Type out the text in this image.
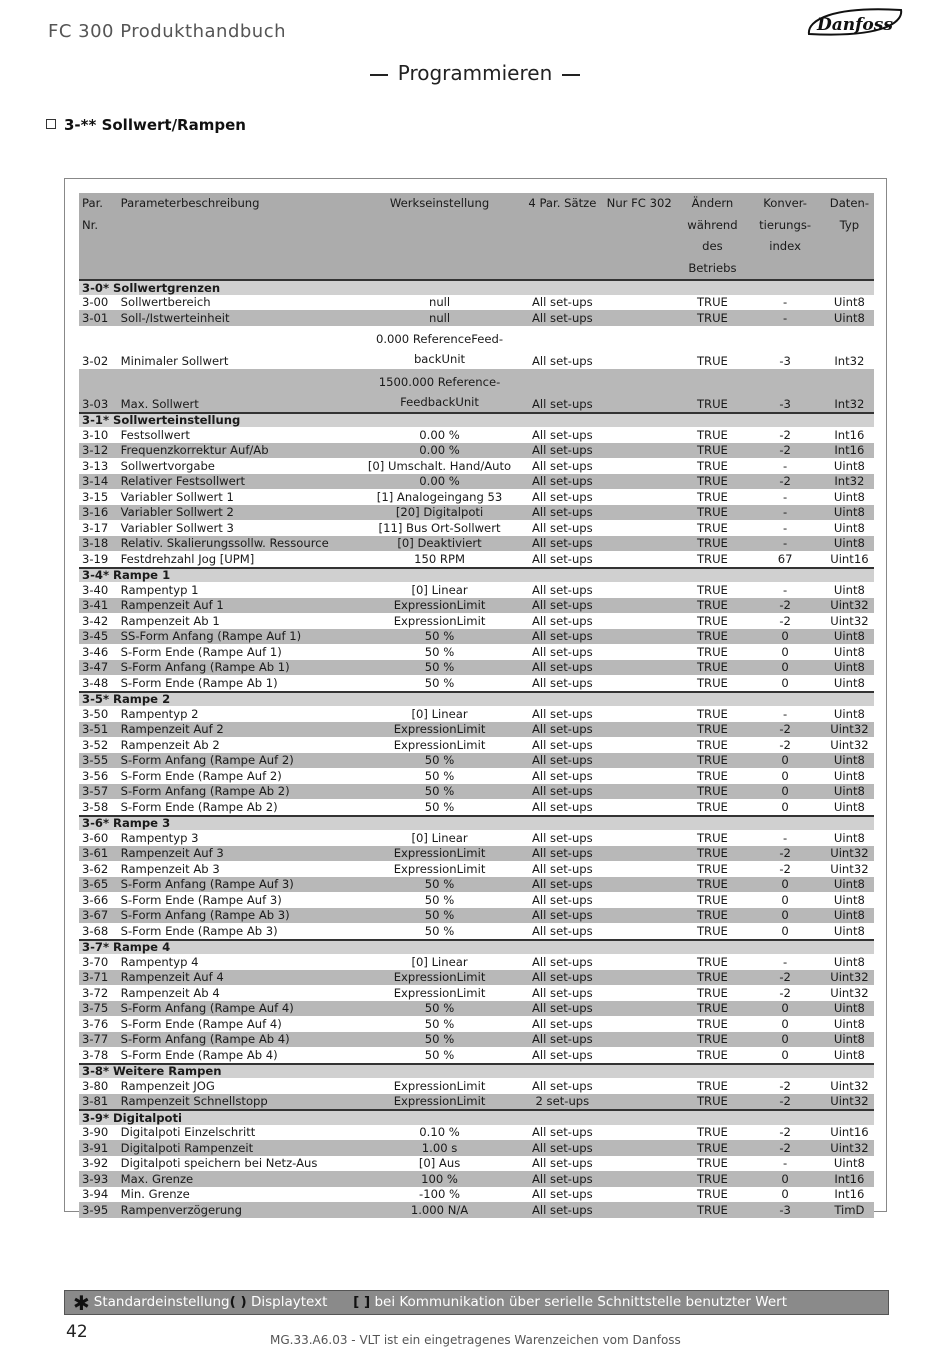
FC 300 Produkthandbuch	Danfoss
Programmieren
3-** Sollwert/Rampen
Par.
Nr.	Parameterbeschreibung	Werkseinstellung	4 Par. Sätze	Nur FC 302	Ändern
während
des
Betriebs	Konver-
tierungs-
index	Daten-
Typ
3-0* Sollwertgrenzen							
3-00	Sollwertbereich	null	All set-ups		TRUE	-	Uint8
3-01	Soll-/Istwerteinheit	null	All set-ups		TRUE	-	Uint8
3-02	Minimaler Sollwert	0.000 ReferenceFeed-backUnit	All set-ups		TRUE	-3	Int32
3-03	Max. Sollwert	1500.000 Reference-FeedbackUnit	All set-ups		TRUE	-3	Int32
3-1* Sollwerteinstellung							
3-10	Festsollwert	0.00 %	All set-ups		TRUE	-2	Int16
3-12	Frequenzkorrektur Auf/Ab	0.00 %	All set-ups		TRUE	-2	Int16
3-13	Sollwertvorgabe	[0] Umschalt. Hand/Auto	All set-ups		TRUE	-	Uint8
3-14	Relativer Festsollwert	0.00 %	All set-ups		TRUE	-2	Int32
3-15	Variabler Sollwert 1	[1] Analogeingang 53	All set-ups		TRUE	-	Uint8
3-16	Variabler Sollwert 2	[20] Digitalpoti	All set-ups		TRUE	-	Uint8
3-17	Variabler Sollwert 3	[11] Bus Ort-Sollwert	All set-ups		TRUE	-	Uint8
3-18	Relativ. Skalierungssollw. Ressource	[0] Deaktiviert	All set-ups		TRUE	-	Uint8
3-19	Festdrehzahl Jog [UPM]	150 RPM	All set-ups		TRUE	67	Uint16
3-4* Rampe 1							
3-40	Rampentyp 1	[0] Linear	All set-ups		TRUE	-	Uint8
3-41	Rampenzeit Auf 1	ExpressionLimit	All set-ups		TRUE	-2	Uint32
3-42	Rampenzeit Ab 1	ExpressionLimit	All set-ups		TRUE	-2	Uint32
3-45	SS-Form Anfang (Rampe Auf 1)	50 %	All set-ups		TRUE	0	Uint8
3-46	S-Form Ende (Rampe Auf 1)	50 %	All set-ups		TRUE	0	Uint8
3-47	S-Form Anfang (Rampe Ab 1)	50 %	All set-ups		TRUE	0	Uint8
3-48	S-Form Ende (Rampe Ab 1)	50 %	All set-ups		TRUE	0	Uint8
3-5* Rampe 2							
3-50	Rampentyp 2	[0] Linear	All set-ups		TRUE	-	Uint8
3-51	Rampenzeit Auf 2	ExpressionLimit	All set-ups		TRUE	-2	Uint32
3-52	Rampenzeit Ab 2	ExpressionLimit	All set-ups		TRUE	-2	Uint32
3-55	S-Form Anfang (Rampe Auf 2)	50 %	All set-ups		TRUE	0	Uint8
3-56	S-Form Ende (Rampe Auf 2)	50 %	All set-ups		TRUE	0	Uint8
3-57	S-Form Anfang (Rampe Ab 2)	50 %	All set-ups		TRUE	0	Uint8
3-58	S-Form Ende (Rampe Ab 2)	50 %	All set-ups		TRUE	0	Uint8
3-6* Rampe 3							
3-60	Rampentyp 3	[0] Linear	All set-ups		TRUE	-	Uint8
3-61	Rampenzeit Auf 3	ExpressionLimit	All set-ups		TRUE	-2	Uint32
3-62	Rampenzeit Ab 3	ExpressionLimit	All set-ups		TRUE	-2	Uint32
3-65	S-Form Anfang (Rampe Auf 3)	50 %	All set-ups		TRUE	0	Uint8
3-66	S-Form Ende (Rampe Auf 3)	50 %	All set-ups		TRUE	0	Uint8
3-67	S-Form Anfang (Rampe Ab 3)	50 %	All set-ups		TRUE	0	Uint8
3-68	S-Form Ende (Rampe Ab 3)	50 %	All set-ups		TRUE	0	Uint8
3-7* Rampe 4							
3-70	Rampentyp 4	[0] Linear	All set-ups		TRUE	-	Uint8
3-71	Rampenzeit Auf 4	ExpressionLimit	All set-ups		TRUE	-2	Uint32
3-72	Rampenzeit Ab 4	ExpressionLimit	All set-ups		TRUE	-2	Uint32
3-75	S-Form Anfang (Rampe Auf 4)	50 %	All set-ups		TRUE	0	Uint8
3-76	S-Form Ende (Rampe Auf 4)	50 %	All set-ups		TRUE	0	Uint8
3-77	S-Form Anfang (Rampe Ab 4)	50 %	All set-ups		TRUE	0	Uint8
3-78	S-Form Ende (Rampe Ab 4)	50 %	All set-ups		TRUE	0	Uint8
3-8* Weitere Rampen							
3-80	Rampenzeit JOG	ExpressionLimit	All set-ups		TRUE	-2	Uint32
3-81	Rampenzeit Schnellstopp	ExpressionLimit	2 set-ups		TRUE	-2	Uint32
3-9* Digitalpoti							
3-90	Digitalpoti Einzelschritt	0.10 %	All set-ups		TRUE	-2	Uint16
3-91	Digitalpoti Rampenzeit	1.00 s	All set-ups		TRUE	-2	Uint32
3-92	Digitalpoti speichern bei Netz-Aus	[0] Aus	All set-ups		TRUE	-	Uint8
3-93	Max. Grenze	100 %	All set-ups		TRUE	0	Int16
3-94	Min. Grenze	-100 %	All set-ups		TRUE	0	Int16
3-95	Rampenverzögerung	1.000 N/A	All set-ups		TRUE	-3	TimD
✱ Standardeinstellung( ) Displaytext [ ] bei Kommunikation über serielle Schnittstelle benutzter Wert
42	MG.33.A6.03 - VLT ist ein eingetragenes Warenzeichen vom Danfoss
